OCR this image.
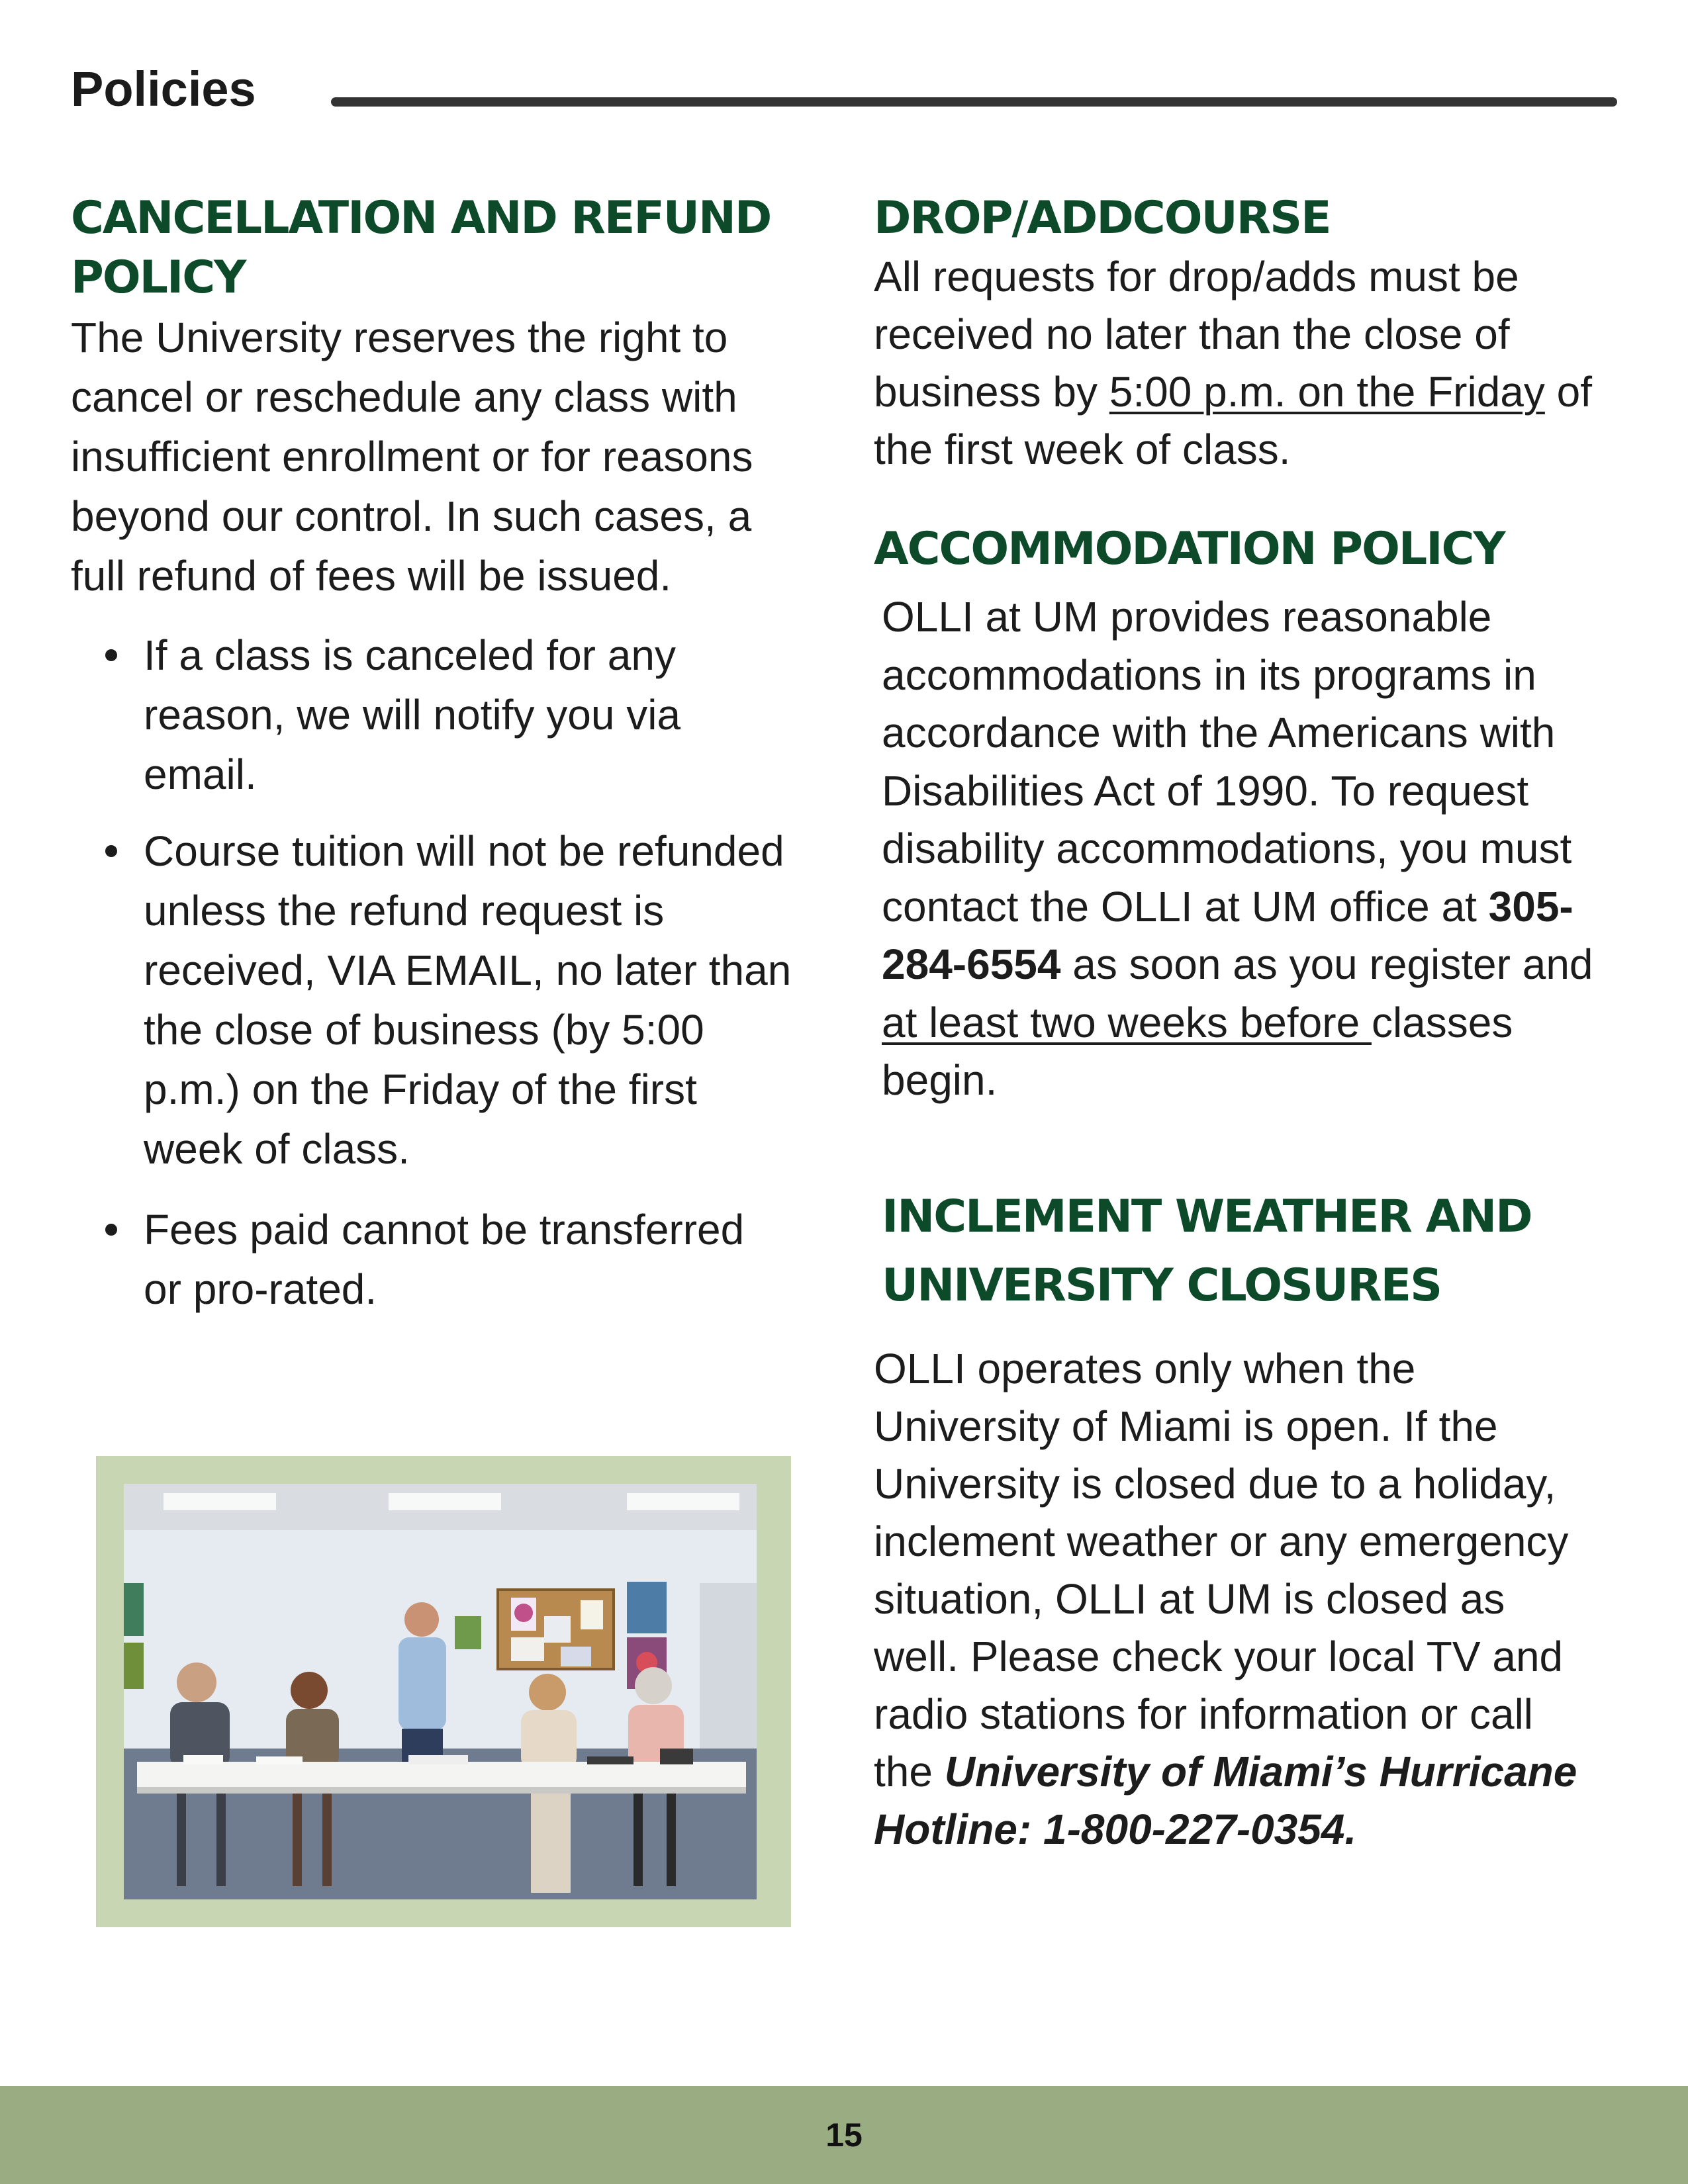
Policies

CANCELLATION AND REFUND
POLICY

The University reserves the right to
cancel or reschedule any class with
insufficient enrollment or for reasons
beyond our control. In such cases, a
full refund of fees will be issued.

If a class is canceled for any
reason, we will notify you via
email.
Course tuition will not be refunded
unless the refund request is
received, VIA EMAIL, no later than
the close of business (by 5:00
p.m.) on the Friday of the first
week of class.
Fees paid cannot be transferred
or pro-rated.

DROP/ADDCOURSE

All requests for drop/adds must be
received no later than the close of
business by 5:00 p.m. on the Friday of
the first week of class.

ACCOMMODATION POLICY

OLLI at UM provides reasonable
accommodations in its programs in
accordance with the Americans with
Disabilities Act of 1990. To request
disability accommodations, you must
contact the OLLI at UM office at 305-
284-6554 as soon as you register and
at least two weeks before classes
begin.

INCLEMENT WEATHER AND
UNIVERSITY CLOSURES

OLLI operates only when the
University of Miami is open. If the
University is closed due to a holiday,
inclement weather or any emergency
situation, OLLI at UM is closed as
well. Please check your local TV and
radio stations for information or call
the University of Miami’s Hurricane
Hotline: 1-800-227-0354.

15
